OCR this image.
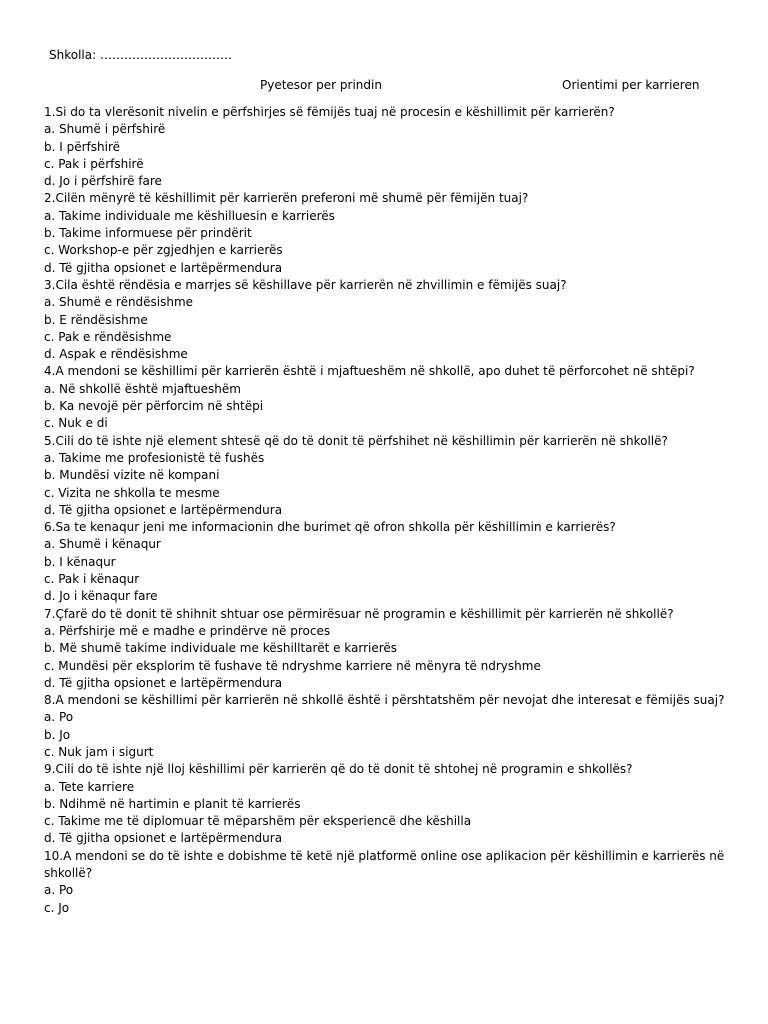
Shkolla: ……………………………
Pyetesor per prindin	Orientimi per karrieren

1.Si do ta vlerësonit nivelin e përfshirjes së fëmijës tuaj në procesin e këshillimit për karrierën?

a. Shumë i përfshirë

b. I përfshirë

c. Pak i përfshirë

d. Jo i përfshirë fare

2.Cilën mënyrë të këshillimit për karrierën preferoni më shumë për fëmijën tuaj?

a. Takime individuale me këshilluesin e karrierës

b. Takime informuese për prindërit

c. Workshop-e për zgjedhjen e karrierës

d. Të gjitha opsionet e lartëpërmendura

3.Cila është rëndësia e marrjes së këshillave për karrierën në zhvillimin e fëmijës suaj?

a. Shumë e rëndësishme

b. E rëndësishme

c. Pak e rëndësishme

d. Aspak e rëndësishme

4.A mendoni se këshillimi për karrierën është i mjaftueshëm në shkollë, apo duhet të përforcohet në shtëpi?

a. Në shkollë është mjaftueshëm

b. Ka nevojë për përforcim në shtëpi

c. Nuk e di

5.Cili do të ishte një element shtesë që do të donit të përfshihet në këshillimin për karrierën në shkollë?

a. Takime me profesionistë të fushës

b. Mundësi vizite në kompani

c. Vizita ne shkolla te mesme

d. Të gjitha opsionet e lartëpërmendura

6.Sa te kenaqur jeni me informacionin dhe burimet që ofron shkolla për këshillimin e karrierës?

a. Shumë i kënaqur

b. I kënaqur

c. Pak i kënaqur

d. Jo i kënaqur fare

7.Çfarë do të donit të shihnit shtuar ose përmirësuar në programin e këshillimit për karrierën në shkollë?

a. Përfshirje më e madhe e prindërve në proces

b. Më shumë takime individuale me këshilltarët e karrierës

c. Mundësi për eksplorim të fushave të ndryshme karriere në mënyra të ndryshme

d. Të gjitha opsionet e lartëpërmendura

8.A mendoni se këshillimi për karrierën në shkollë është i përshtatshëm për nevojat dhe interesat e fëmijës suaj?

a. Po

b. Jo

c. Nuk jam i sigurt

9.Cili do të ishte një lloj këshillimi për karrierën që do të donit të shtohej në programin e shkollës?

a. Tete karriere

b. Ndihmë në hartimin e planit të karrierës

c. Takime me të diplomuar të mëparshëm për eksperiencë dhe këshilla

d. Të gjitha opsionet e lartëpërmendura

10.A mendoni se do të ishte e dobishme të ketë një platformë online ose aplikacion për këshillimin e karrierës në shkollë?

a. Po

c. Jo
